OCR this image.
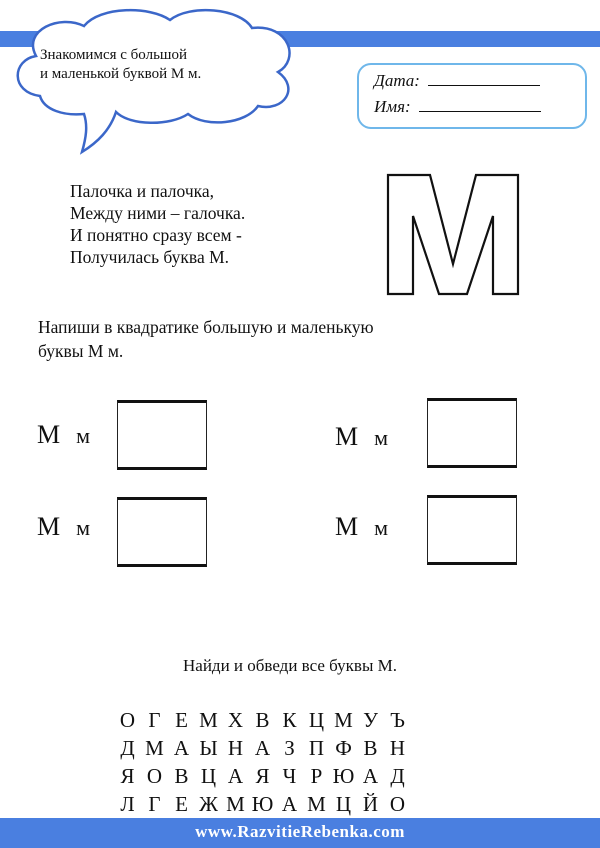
Знакомимся с большой
и маленькой буквой М м.	Дата:
Имя:
Палочка и палочка,
Между ними – галочка.
И понятно сразу всем -
Получилась буква М.
Напиши в квадратике большую и маленькую
буквы М м.
М м	М м
М м	М м
Найди и обведи все буквы М.
О Г Е М Х В К Ц М У Ъ
Д М А Ы Н А З П Ф В Н
Я О В Ц А Я Ч Р Ю А Д
Л Г Е Ж М Ю А М Ц Й О
www.RazvitieRebenka.com
